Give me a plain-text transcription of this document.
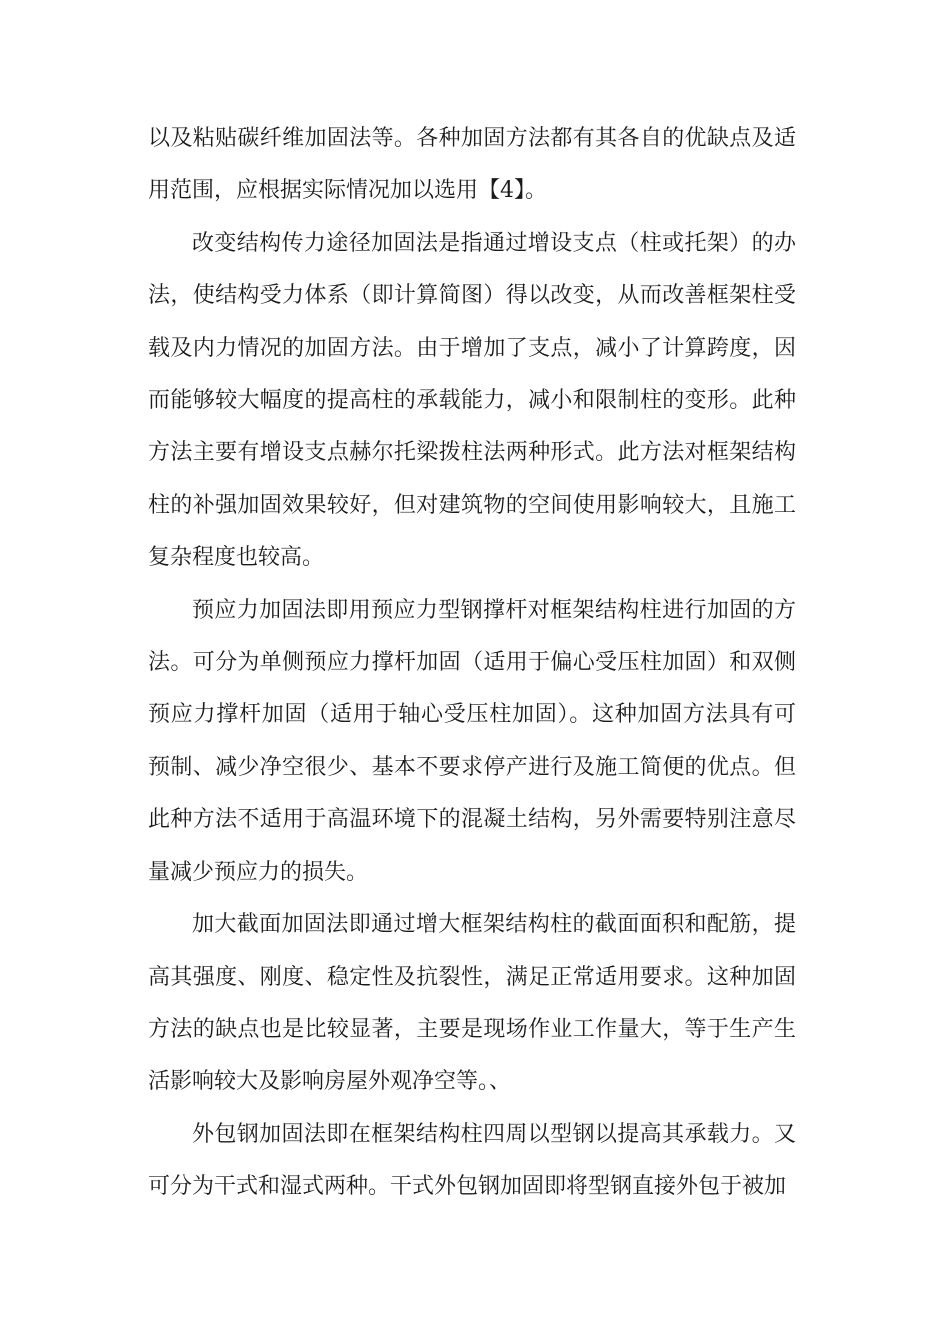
以及粘贴碳纤维加固法等。各种加固方法都有其各自的优缺点及适用范围，应根据实际情况加以选用【4】。

改变结构传力途径加固法是指通过增设支点（柱或托架）的办法，使结构受力体系（即计算简图）得以改变，从而改善框架柱受载及内力情况的加固方法。由于增加了支点，减小了计算跨度，因而能够较大幅度的提高柱的承载能力，减小和限制柱的变形。此种方法主要有增设支点赫尔托梁拨柱法两种形式。此方法对框架结构柱的补强加固效果较好，但对建筑物的空间使用影响较大，且施工复杂程度也较高。

预应力加固法即用预应力型钢撑杆对框架结构柱进行加固的方法。可分为单侧预应力撑杆加固（适用于偏心受压柱加固）和双侧预应力撑杆加固（适用于轴心受压柱加固）。这种加固方法具有可预制、减少净空很少、基本不要求停产进行及施工简便的优点。但此种方法不适用于高温环境下的混凝土结构，另外需要特别注意尽量减少预应力的损失。

加大截面加固法即通过增大框架结构柱的截面面积和配筋，提高其强度、刚度、稳定性及抗裂性，满足正常适用要求。这种加固方法的缺点也是比较显著，主要是现场作业工作量大，等于生产生活影响较大及影响房屋外观净空等。、

外包钢加固法即在框架结构柱四周以型钢以提高其承载力。又可分为干式和湿式两种。干式外包钢加固即将型钢直接外包于被加
